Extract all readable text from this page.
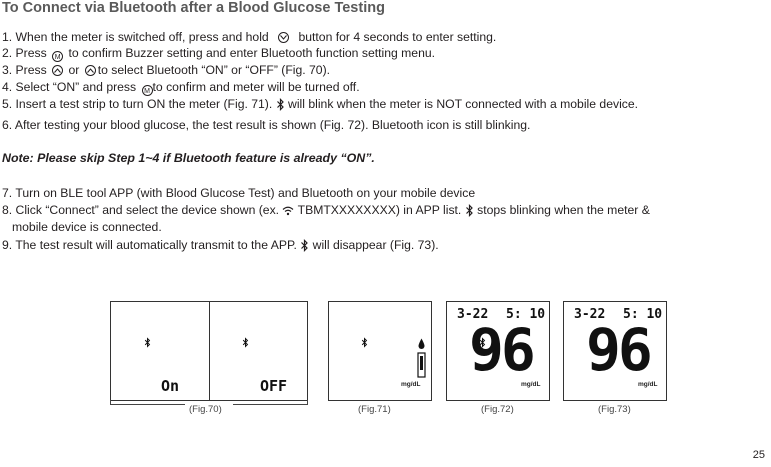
To Connect via Bluetooth after a Blood Glucose Testing
1. When the meter is switched off, press and hold button for 4 seconds to enter setting.
2. Press M to confirm Buzzer setting and enter Bluetooth function setting menu.
3. Press or to select Bluetooth “ON” or “OFF” (Fig. 70).
4. Select “ON” and press M to confirm and meter will be turned off.
5. Insert a test strip to turn ON the meter (Fig. 71). will blink when the meter is NOT connected with a mobile device.
6. After testing your blood glucose, the test result is shown (Fig. 72). Bluetooth icon is still blinking.
Note: Please skip Step 1~4 if Bluetooth feature is already “ON”.
7. Turn on BLE tool APP (with Blood Glucose Test) and Bluetooth on your mobile device
8. Click “Connect” and select the device shown (ex. TBMTXXXXXXXX) in APP list. stops blinking when the meter &
mobile device is connected.
9. The test result will automatically transmit to the APP. will disappear (Fig. 73).
On	OFF
(Fig.70)
mg/dL
(Fig.71)
3-22 5: 10
96
mg/dL
(Fig.72)
3-22 5: 10
96
mg/dL
(Fig.73)
25
